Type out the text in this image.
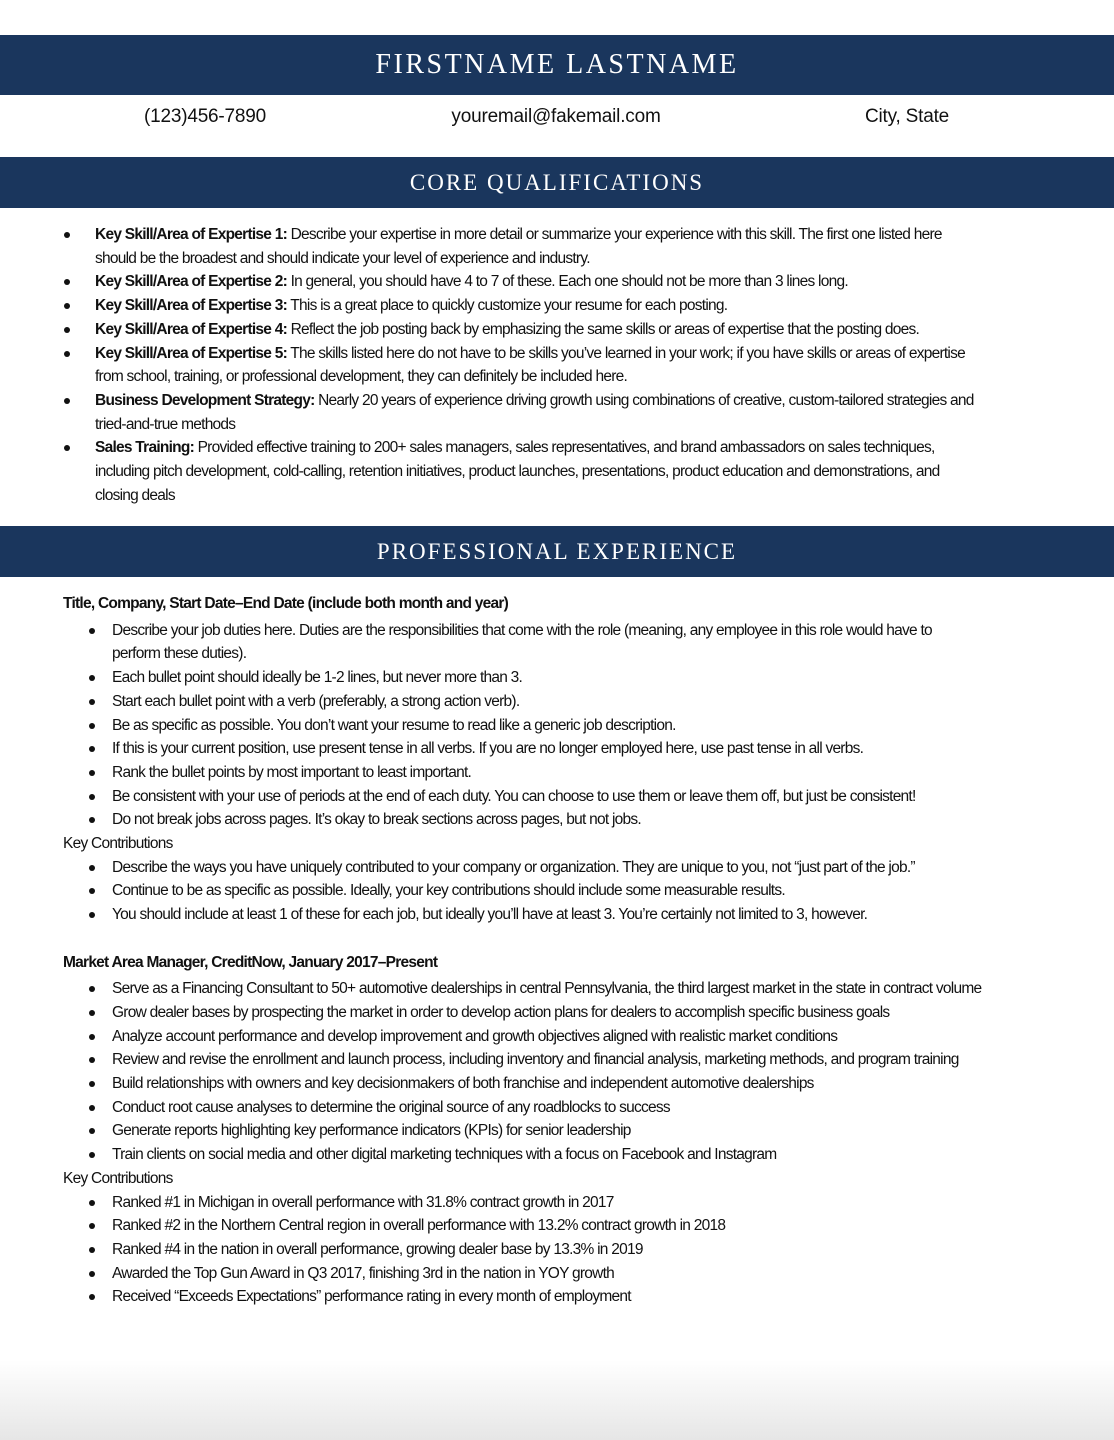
FIRSTNAME LASTNAME
(123)456-7890	youremail@fakemail.com	City, State
CORE QUALIFICATIONS
Key Skill/Area of Expertise 1: Describe your expertise in more detail or summarize your experience with this skill. The first one listed here should be the broadest and should indicate your level of experience and industry.
Key Skill/Area of Expertise 2: In general, you should have 4 to 7 of these. Each one should not be more than 3 lines long.
Key Skill/Area of Expertise 3: This is a great place to quickly customize your resume for each posting.
Key Skill/Area of Expertise 4: Reflect the job posting back by emphasizing the same skills or areas of expertise that the posting does.
Key Skill/Area of Expertise 5: The skills listed here do not have to be skills you’ve learned in your work; if you have skills or areas of expertise from school, training, or professional development, they can definitely be included here.
Business Development Strategy: Nearly 20 years of experience driving growth using combinations of creative, custom-tailored strategies and tried-and-true methods
Sales Training: Provided effective training to 200+ sales managers, sales representatives, and brand ambassadors on sales techniques, including pitch development, cold-calling, retention initiatives, product launches, presentations, product education and demonstrations, and closing deals
PROFESSIONAL EXPERIENCE
Title, Company, Start Date–End Date (include both month and year)
Describe your job duties here. Duties are the responsibilities that come with the role (meaning, any employee in this role would have to perform these duties).
Each bullet point should ideally be 1-2 lines, but never more than 3.
Start each bullet point with a verb (preferably, a strong action verb).
Be as specific as possible. You don’t want your resume to read like a generic job description.
If this is your current position, use present tense in all verbs. If you are no longer employed here, use past tense in all verbs.
Rank the bullet points by most important to least important.
Be consistent with your use of periods at the end of each duty. You can choose to use them or leave them off, but just be consistent!
Do not break jobs across pages. It’s okay to break sections across pages, but not jobs.
Key Contributions
Describe the ways you have uniquely contributed to your company or organization. They are unique to you, not “just part of the job.”
Continue to be as specific as possible. Ideally, your key contributions should include some measurable results.
You should include at least 1 of these for each job, but ideally you’ll have at least 3. You’re certainly not limited to 3, however.
Market Area Manager, CreditNow, January 2017–Present
Serve as a Financing Consultant to 50+ automotive dealerships in central Pennsylvania, the third largest market in the state in contract volume
Grow dealer bases by prospecting the market in order to develop action plans for dealers to accomplish specific business goals
Analyze account performance and develop improvement and growth objectives aligned with realistic market conditions
Review and revise the enrollment and launch process, including inventory and financial analysis, marketing methods, and program training
Build relationships with owners and key decisionmakers of both franchise and independent automotive dealerships
Conduct root cause analyses to determine the original source of any roadblocks to success
Generate reports highlighting key performance indicators (KPIs) for senior leadership
Train clients on social media and other digital marketing techniques with a focus on Facebook and Instagram
Key Contributions
Ranked #1 in Michigan in overall performance with 31.8% contract growth in 2017
Ranked #2 in the Northern Central region in overall performance with 13.2% contract growth in 2018
Ranked #4 in the nation in overall performance, growing dealer base by 13.3% in 2019
Awarded the Top Gun Award in Q3 2017, finishing 3rd in the nation in YOY growth
Received “Exceeds Expectations” performance rating in every month of employment
